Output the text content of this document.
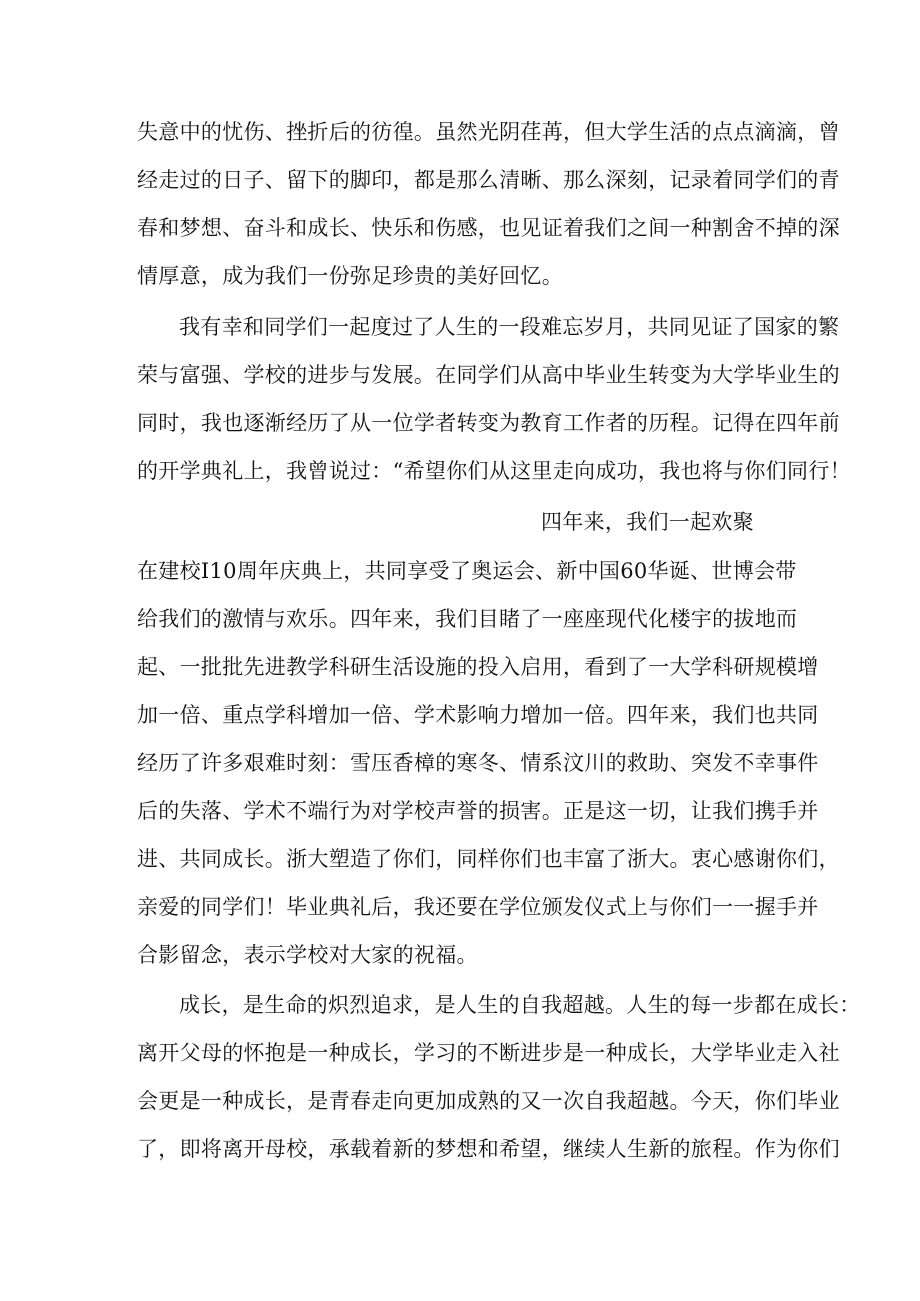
失意中的忧伤、挫折后的彷徨。虽然光阴荏苒，但大学生活的点点滴滴，曾
经走过的日子、留下的脚印，都是那么清晰、那么深刻，记录着同学们的青
春和梦想、奋斗和成长、快乐和伤感，也见证着我们之间一种割舍不掉的深
情厚意，成为我们一份弥足珍贵的美好回忆。
我有幸和同学们一起度过了人生的一段难忘岁月，共同见证了国家的繁
荣与富强、学校的进步与发展。在同学们从高中毕业生转变为大学毕业生的
同时，我也逐渐经历了从一位学者转变为教育工作者的历程。记得在四年前
的开学典礼上，我曾说过：“希望你们从这里走向成功，我也将与你们同行！
四年来，我们一起欢聚
在建校I10周年庆典上，共同享受了奥运会、新中国60华诞、世博会带
给我们的激情与欢乐。四年来，我们目睹了一座座现代化楼宇的拔地而
起、一批批先进教学科研生活设施的投入启用，看到了一大学科研规模增
加一倍、重点学科增加一倍、学术影响力增加一倍。四年来，我们也共同
经历了许多艰难时刻：雪压香樟的寒冬、情系汶川的救助、突发不幸事件
后的失落、学术不端行为对学校声誉的损害。正是这一切，让我们携手并
进、共同成长。浙大塑造了你们，同样你们也丰富了浙大。衷心感谢你们，
亲爱的同学们！毕业典礼后，我还要在学位颁发仪式上与你们一一握手并
合影留念，表示学校对大家的祝福。
成长，是生命的炽烈追求，是人生的自我超越。人生的每一步都在成长：
离开父母的怀抱是一种成长，学习的不断进步是一种成长，大学毕业走入社
会更是一种成长，是青春走向更加成熟的又一次自我超越。今天，你们毕业
了，即将离开母校，承载着新的梦想和希望，继续人生新的旅程。作为你们
